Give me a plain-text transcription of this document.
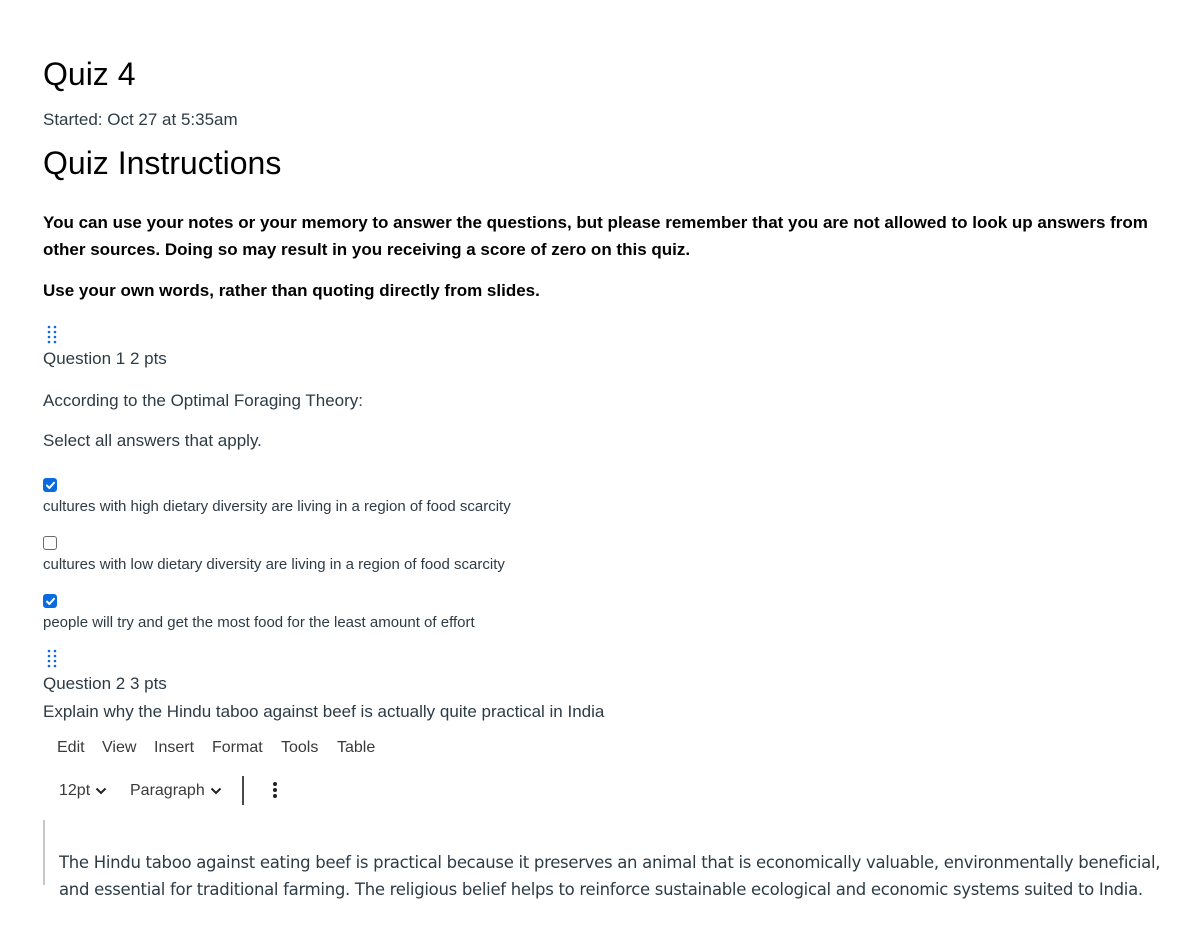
Quiz 4
Started: Oct 27 at 5:35am
Quiz Instructions
You can use your notes or your memory to answer the questions, but please remember that you are not allowed to look up answers from other sources. Doing so may result in you receiving a score of zero on this quiz.
Use your own words, rather than quoting directly from slides.
Question 1 2 pts
According to the Optimal Foraging Theory:
Select all answers that apply.
cultures with high dietary diversity are living in a region of food scarcity
cultures with low dietary diversity are living in a region of food scarcity
people will try and get the most food for the least amount of effort
Question 2 3 pts
Explain why the Hindu taboo against beef is actually quite practical in India
Edit View Insert Format Tools Table
12pt Paragraph
The Hindu taboo against eating beef is practical because it preserves an animal that is economically valuable, environmentally beneficial,
and essential for traditional farming. The religious belief helps to reinforce sustainable ecological and economic systems suited to India.
